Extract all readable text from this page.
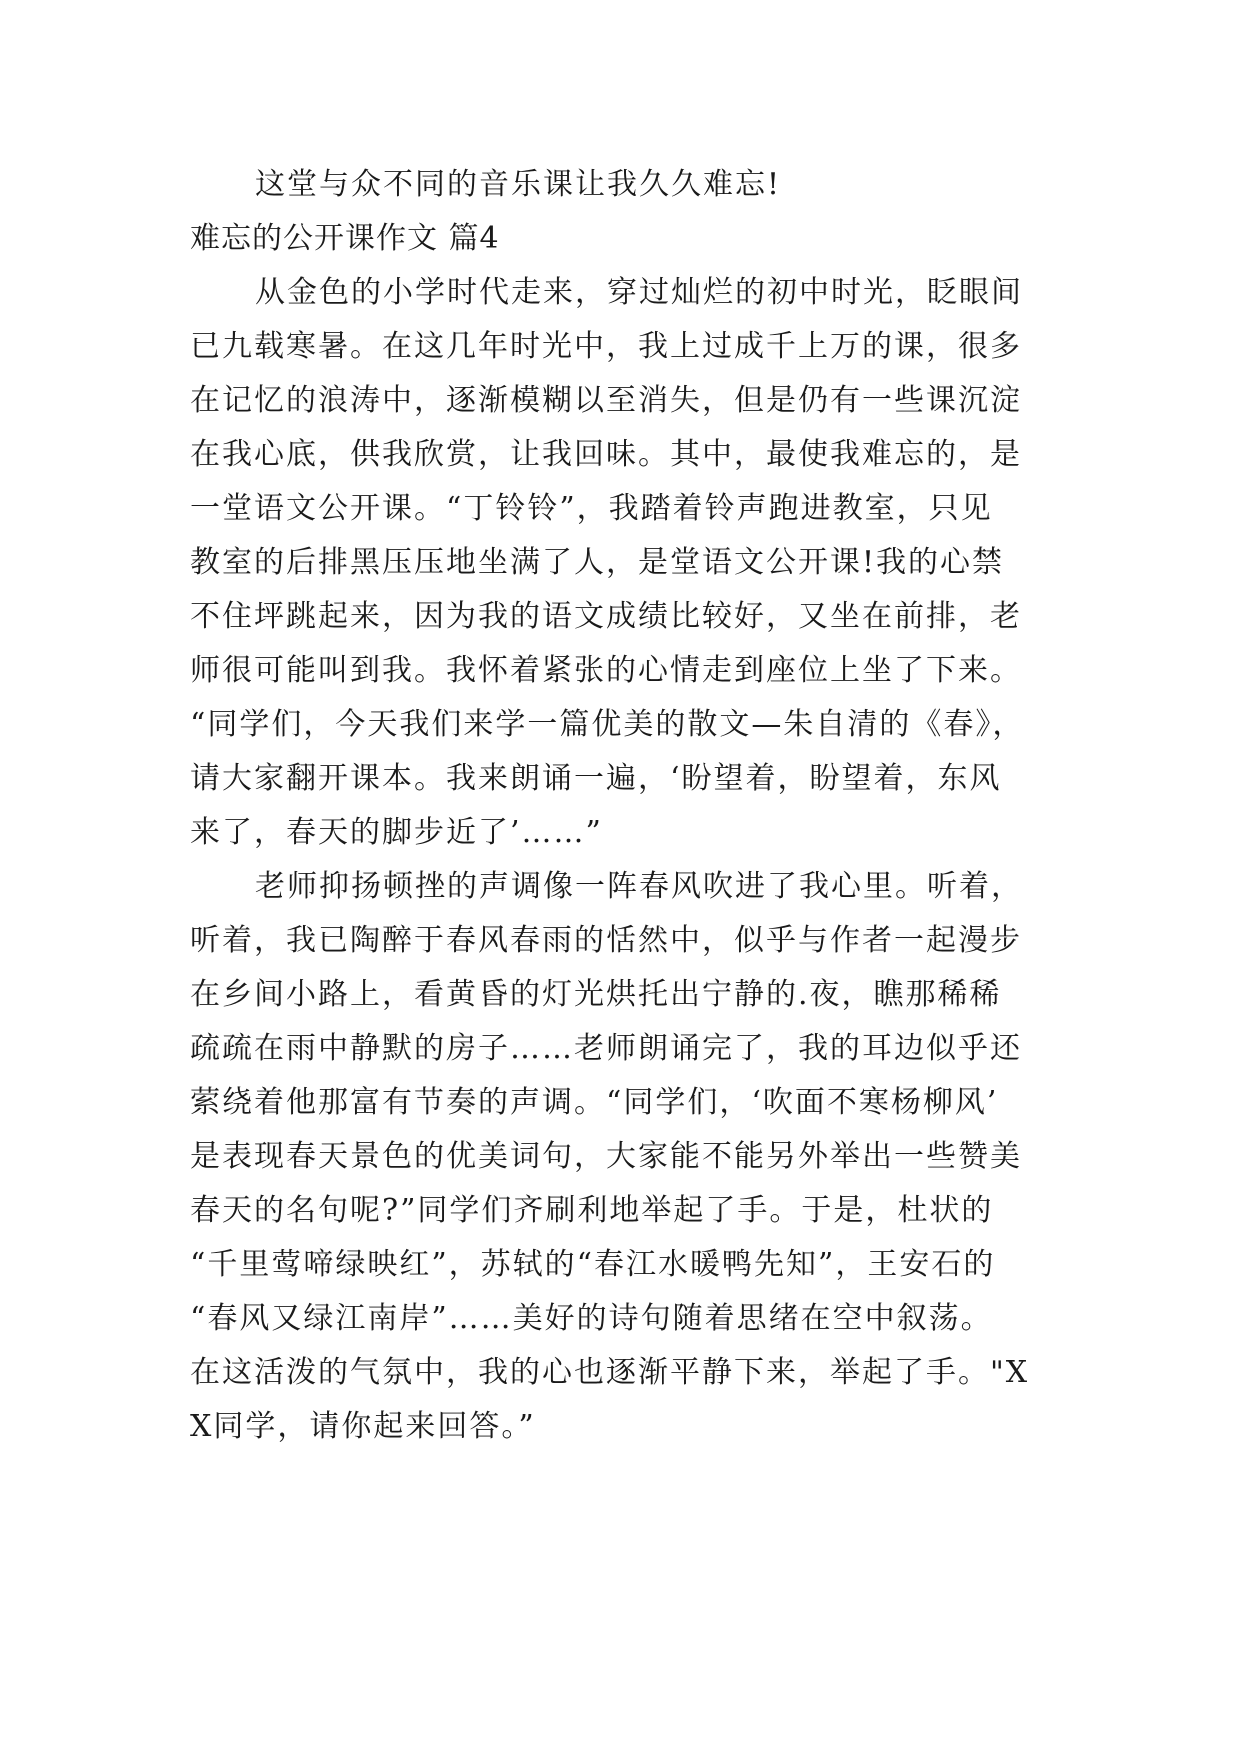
这堂与众不同的音乐课让我久久难忘!
难忘的公开课作文 篇4
从金色的小学时代走来，穿过灿烂的初中时光，眨眼间
已九载寒暑。在这几年时光中，我上过成千上万的课，很多
在记忆的浪涛中，逐渐模糊以至消失，但是仍有一些课沉淀
在我心底，供我欣赏，让我回味。其中，最使我难忘的，是
一堂语文公开课。“丁铃铃”，我踏着铃声跑进教室，只见
教室的后排黑压压地坐满了人，是堂语文公开课!我的心禁
不住坪跳起来，因为我的语文成绩比较好，又坐在前排，老
师很可能叫到我。我怀着紧张的心情走到座位上坐了下来。
“同学们，今天我们来学一篇优美的散文—朱自清的《春》，
请大家翻开课本。我来朗诵一遍，‘盼望着，盼望着，东风
来了，春天的脚步近了’……”
老师抑扬顿挫的声调像一阵春风吹进了我心里。听着，
听着，我已陶醉于春风春雨的恬然中，似乎与作者一起漫步
在乡间小路上，看黄昏的灯光烘托出宁静的.夜，瞧那稀稀
疏疏在雨中静默的房子……老师朗诵完了，我的耳边似乎还
萦绕着他那富有节奏的声调。“同学们，‘吹面不寒杨柳风’
是表现春天景色的优美词句，大家能不能另外举出一些赞美
春天的名句呢?”同学们齐刷利地举起了手。于是，杜状的
“千里莺啼绿映红”，苏轼的“春江水暖鸭先知”，王安石的
“春风又绿江南岸”……美好的诗句随着思绪在空中叙荡。
在这活泼的气氛中，我的心也逐渐平静下来，举起了手。"X
X同学，请你起来回答。”
